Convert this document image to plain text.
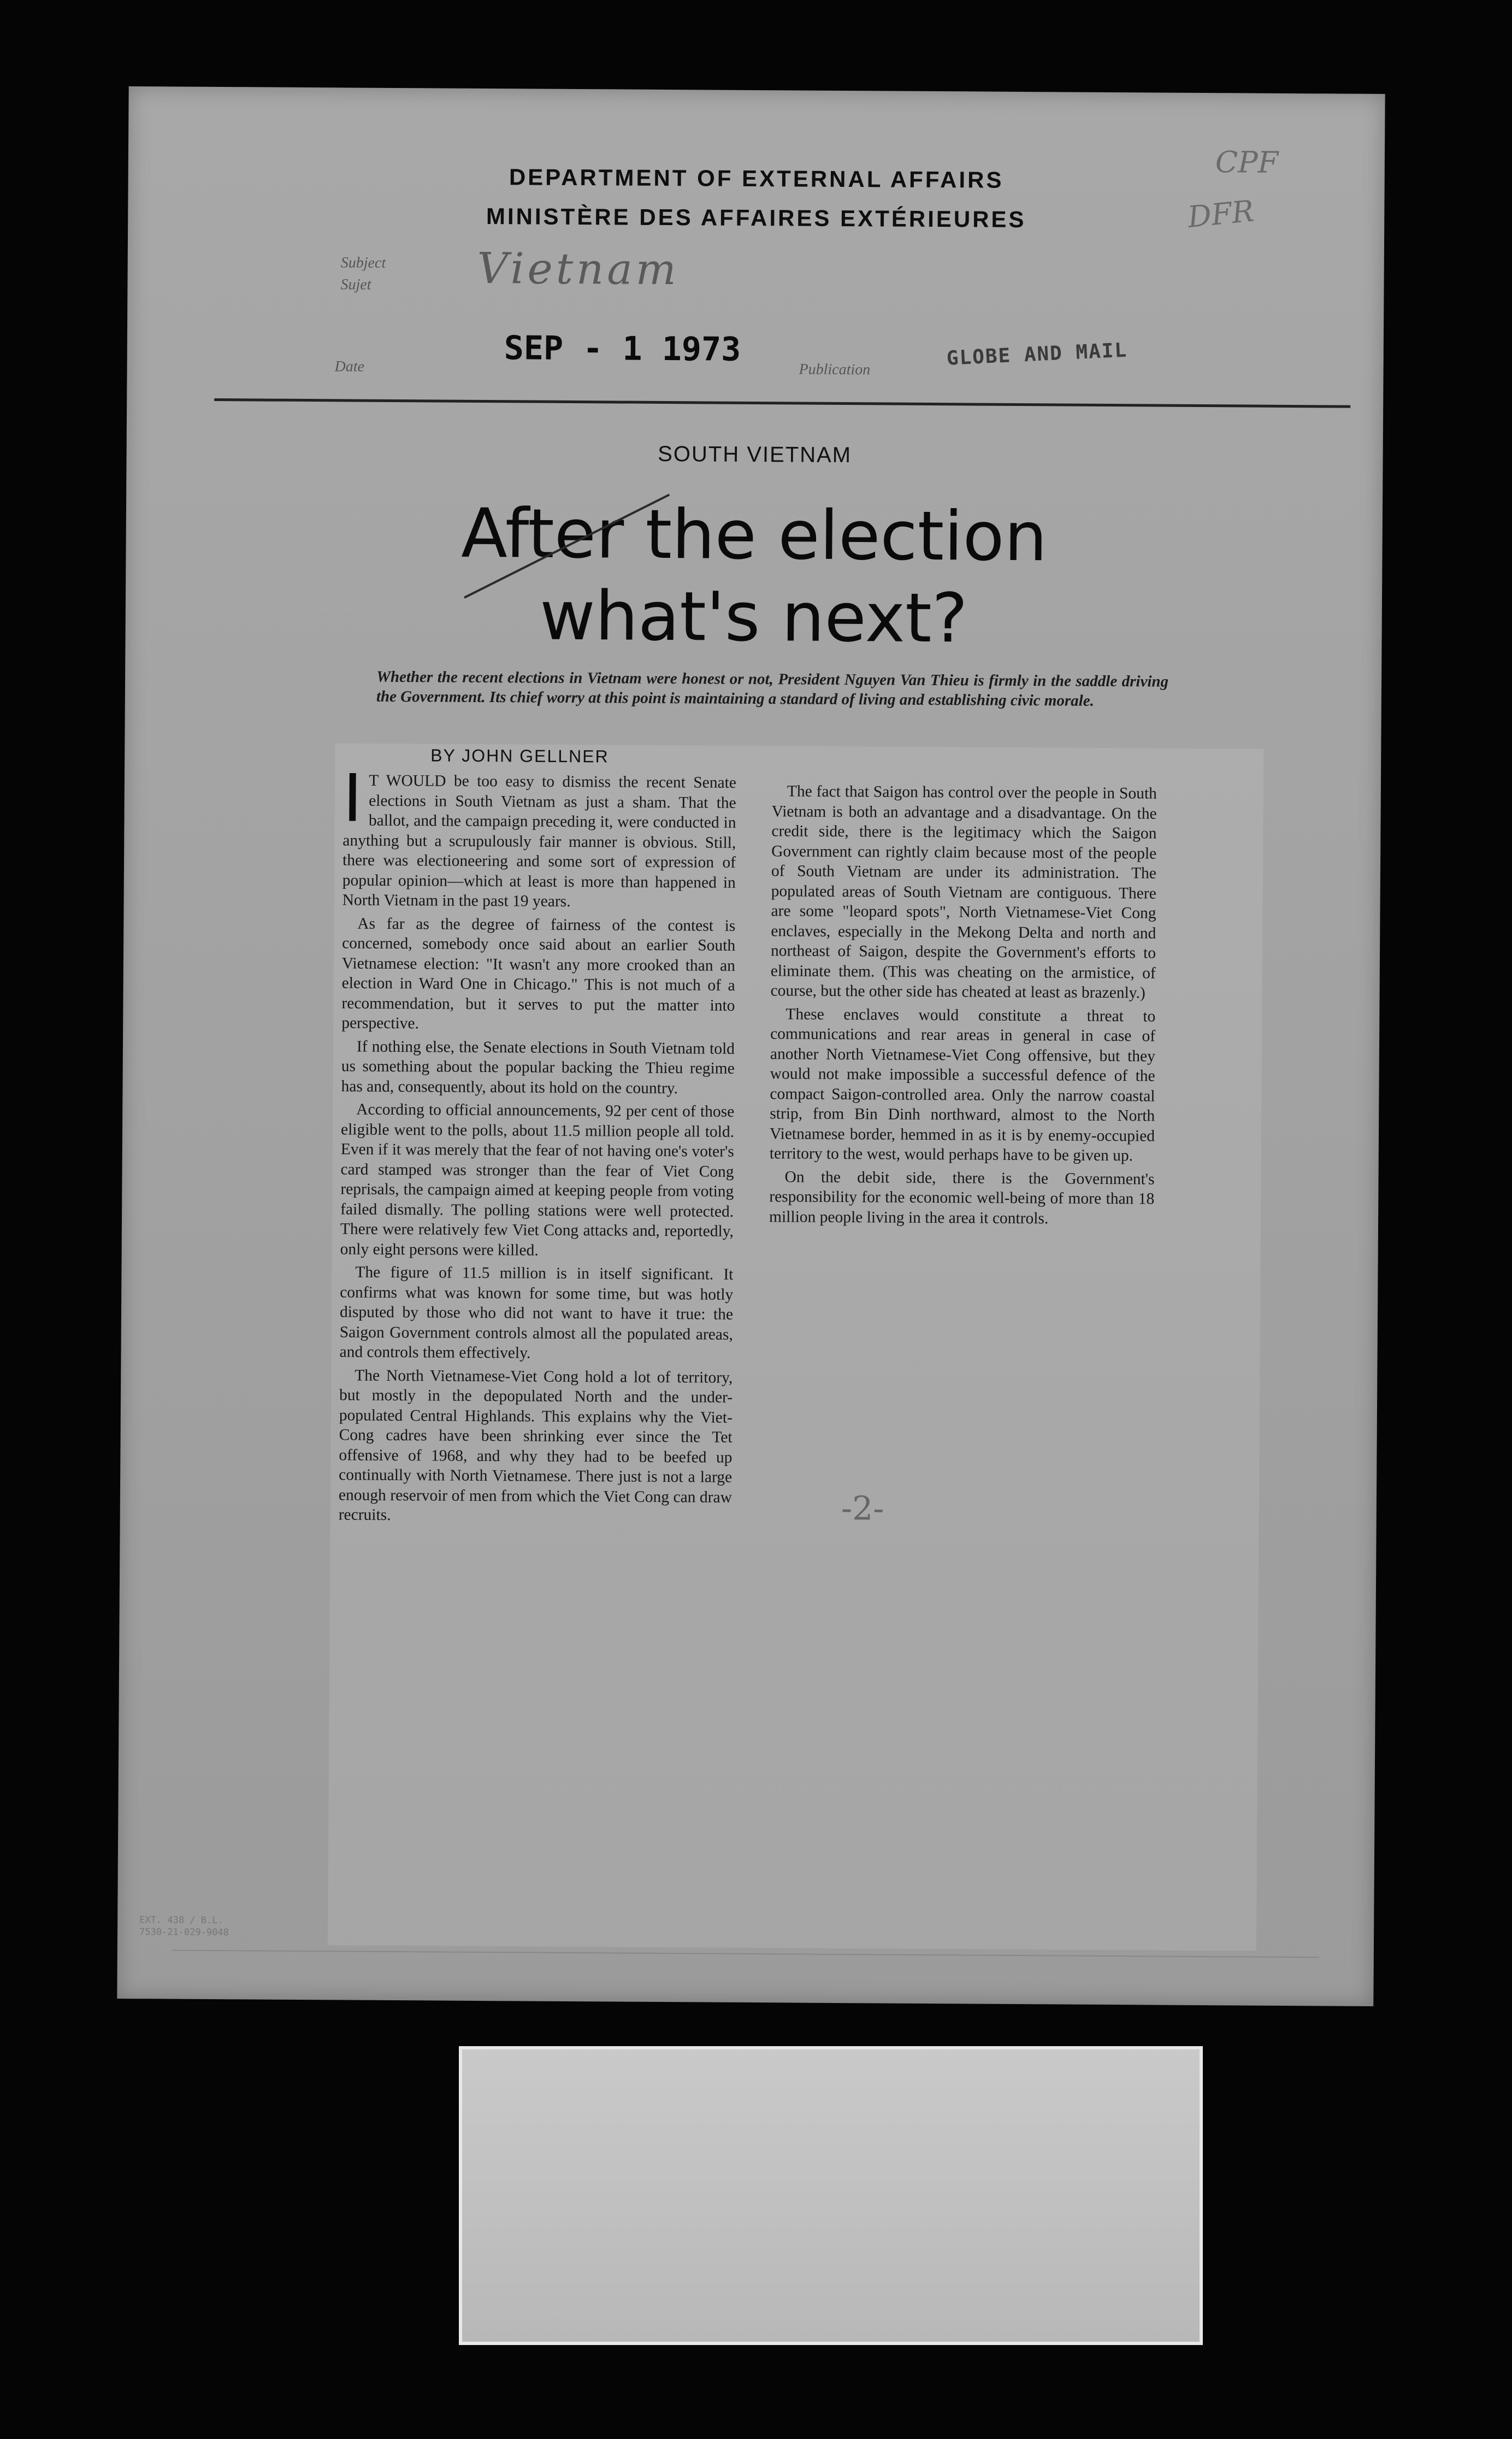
DEPARTMENT OF EXTERNAL AFFAIRS
MINISTÈRE DES AFFAIRES EXTÉRIEURES
CPF
DFR
Subject
Sujet Vietnam
Date	SEP - 1 1973
Publication	GLOBE AND MAIL
SOUTH VIETNAM
After the election
what's next?
Whether the recent elections in Vietnam were honest or not, President Nguyen Van Thieu is firmly in the saddle driving the Government. Its chief worry at this point is maintaining a standard of living and establishing civic morale.
BY JOHN GELLNER

IT WOULD be too easy to dismiss the recent Senate elections in South Vietnam as just a sham. That the ballot, and the campaign preceding it, were conducted in anything but a scrupulously fair manner is obvious. Still, there was electioneering and some sort of expression of popular opinion—which at least is more than happened in North Vietnam in the past 19 years.

As far as the degree of fairness of the contest is concerned, somebody once said about an earlier South Vietnamese election: "It wasn't any more crooked than an election in Ward One in Chicago." This is not much of a recommendation, but it serves to put the matter into perspective.

If nothing else, the Senate elections in South Vietnam told us something about the popular backing the Thieu regime has and, consequently, about its hold on the country.

According to official announcements, 92 per cent of those eligible went to the polls, about 11.5 million people all told. Even if it was merely that the fear of not having one's voter's card stamped was stronger than the fear of Viet Cong reprisals, the campaign aimed at keeping people from voting failed dismally. The polling stations were well protected. There were relatively few Viet Cong attacks and, reportedly, only eight persons were killed.

The figure of 11.5 million is in itself significant. It confirms what was known for some time, but was hotly disputed by those who did not want to have it true: the Saigon Government controls almost all the populated areas, and controls them effectively.

The North Vietnamese-Viet Cong hold a lot of territory, but mostly in the depopulated North and the under-populated Central Highlands. This explains why the Viet-Cong cadres have been shrinking ever since the Tet offensive of 1968, and why they had to be beefed up continually with North Vietnamese. There just is not a large enough reservoir of men from which the Viet Cong can draw recruits.

The fact that Saigon has control over the people in South Vietnam is both an advantage and a disadvantage. On the credit side, there is the legitimacy which the Saigon Government can rightly claim because most of the people of South Vietnam are under its administration. The populated areas of South Vietnam are contiguous. There are some "leopard spots", North Vietnamese-Viet Cong enclaves, especially in the Mekong Delta and north and northeast of Saigon, despite the Government's efforts to eliminate them. (This was cheating on the armistice, of course, but the other side has cheated at least as brazenly.)

These enclaves would constitute a threat to communications and rear areas in general in case of another North Vietnamese-Viet Cong offensive, but they would not make impossible a successful defence of the compact Saigon-controlled area. Only the narrow coastal strip, from Bin Dinh northward, almost to the North Vietnamese border, hemmed in as it is by enemy-occupied territory to the west, would perhaps have to be given up.

On the debit side, there is the Government's responsibility for the economic well-being of more than 18 million people living in the area it controls.

-2-
EXT. 438 / B.L.
7530-21-029-9048
